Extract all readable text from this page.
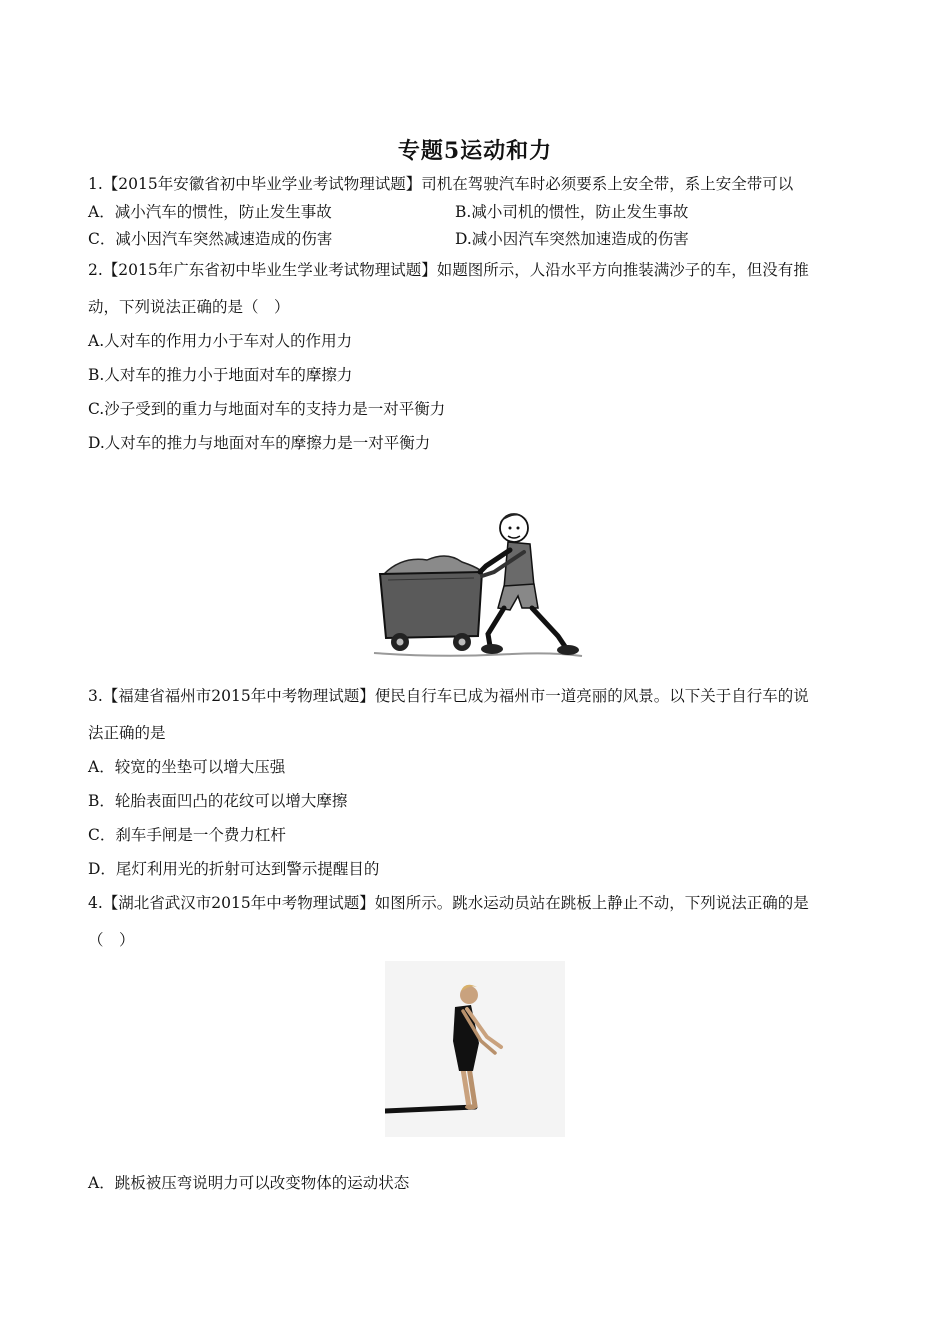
专题5运动和力
1.【2015年安徽省初中毕业学业考试物理试题】司机在驾驶汽车时必须要系上安全带，系上安全带可以
A．减小汽车的惯性，防止发生事故	B.减小司机的惯性，防止发生事故
C．减小因汽车突然减速造成的伤害	D.减小因汽车突然加速造成的伤害
2.【2015年广东省初中毕业生学业考试物理试题】如题图所示，人沿水平方向推装满沙子的车，但没有推
动，下列说法正确的是（　）
A.人对车的作用力小于车对人的作用力
B.人对车的推力小于地面对车的摩擦力
C.沙子受到的重力与地面对车的支持力是一对平衡力
D.人对车的推力与地面对车的摩擦力是一对平衡力
3.【福建省福州市2015年中考物理试题】便民自行车已成为福州市一道亮丽的风景。以下关于自行车的说
法正确的是
A．较宽的坐垫可以增大压强
B．轮胎表面凹凸的花纹可以增大摩擦
C．刹车手闸是一个费力杠杆
D．尾灯利用光的折射可达到警示提醒目的
4.【湖北省武汉市2015年中考物理试题】如图所示。跳水运动员站在跳板上静止不动，下列说法正确的是
（　）
A．跳板被压弯说明力可以改变物体的运动状态
